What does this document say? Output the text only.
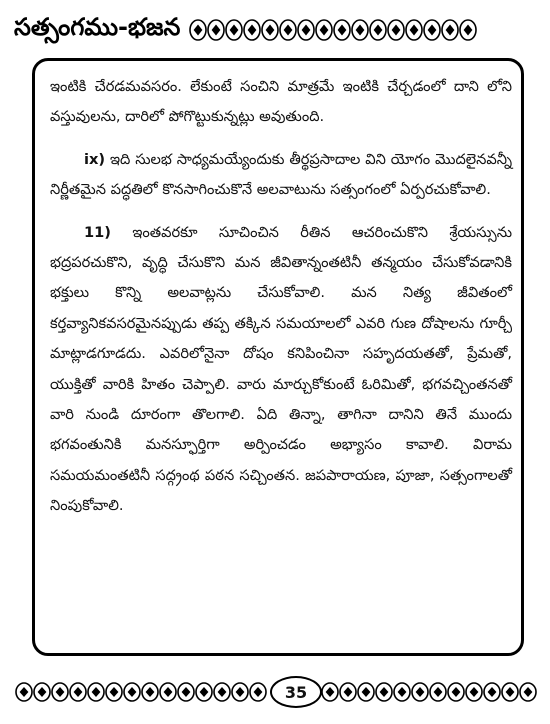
సత్సంగము-భజన

ఇంటికి చేరడమవసరం. లేకుంటే సంచిని మాత్రమే ఇంటికి చేర్చడంలో దాని లోని వస్తువులను, దారిలో పోగొట్టుకున్నట్లు అవుతుంది.

ix) ఇది సులభ సాధ్యమయ్యేందుకు తీర్థప్రసాదాల విని యోగం మొదలైనవన్నీ నిర్ణీతమైన పద్ధతిలో కొనసాగించుకొనే అలవాటును సత్సంగంలో ఏర్పరచుకోవాలి.

11) ఇంతవరకూ సూచించిన రీతిన ఆచరించుకొని శ్రేయస్సును భద్రపరచుకొని, వృద్ధి చేసుకొని మన జీవితాన్నంతటినీ తన్మయం చేసుకోవడానికి భక్తులు కొన్ని అలవాట్లను చేసుకోవాలి. మన నిత్య జీవితంలో కర్తవ్యానికవసరమైనప్పుడు తప్ప తక్కిన సమయాలలో ఎవరి గుణ దోషాలను గూర్చీ మాట్లాడగూడదు. ఎవరిలోనైనా దోషం కనిపించినా సహృదయతతో, ప్రేమతో, యుక్తితో వారికి హితం చెప్పాలి. వారు మార్చుకోకుంటే ఓరిమితో, భగవచ్చింతనతో వారి నుండి దూరంగా తొలగాలి. ఏది తిన్నా, తాగినా దానిని తినే ముందు భగవంతునికి మనస్ఫూర్తిగా అర్పించడం అభ్యాసం కావాలి. విరామ సమయమంతటినీ సద్గ్రంథ పఠన సచ్చింతన. జపపారాయణ, పూజా, సత్సంగాలతో నింపుకోవాలి.

35
